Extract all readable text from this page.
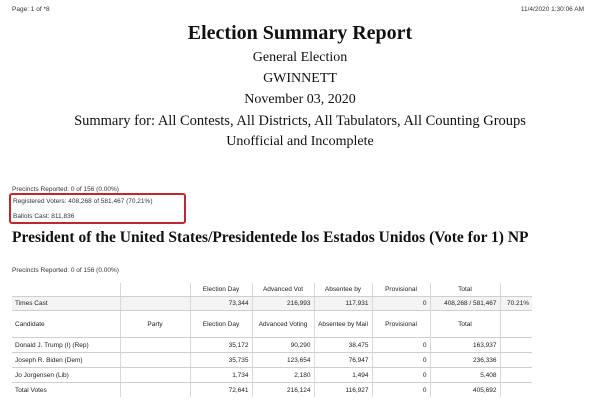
Page: 1 of *8	11/4/2020 1:30:06 AM
Election Summary Report
General Election
GWINNETT
November 03, 2020
Summary for: All Contests, All Districts, All Tabulators, All Counting Groups
Unofficial and Incomplete
Precincts Reported: 0 of 156 (0.00%)
Registered Voters: 408,268 of 581,467 (70.21%)
Ballots Cast: 811,836
President of the United States/Presidentede los Estados Unidos (Vote for 1) NP
Precincts Reported: 0 of 156 (0.00%)
		Election Day	Advanced Vot	Absentee by	Provisional	Total	
Times Cast		73,344	216,993	117,931	0	408,268 / 581,467	70.21%
Candidate	Party	Election Day	Advanced Voting	Absentee by Mail	Provisional	Total	
Donald J. Trump (I) (Rep)		35,172	90,290	38,475	0	163,937	
Joseph R. Biden (Dem)		35,735	123,654	76,947	0	236,336	
Jo Jorgensen (Lib)		1,734	2,180	1,494	0	5,408	
Total Votes		72,641	216,124	116,927	0	405,692	
